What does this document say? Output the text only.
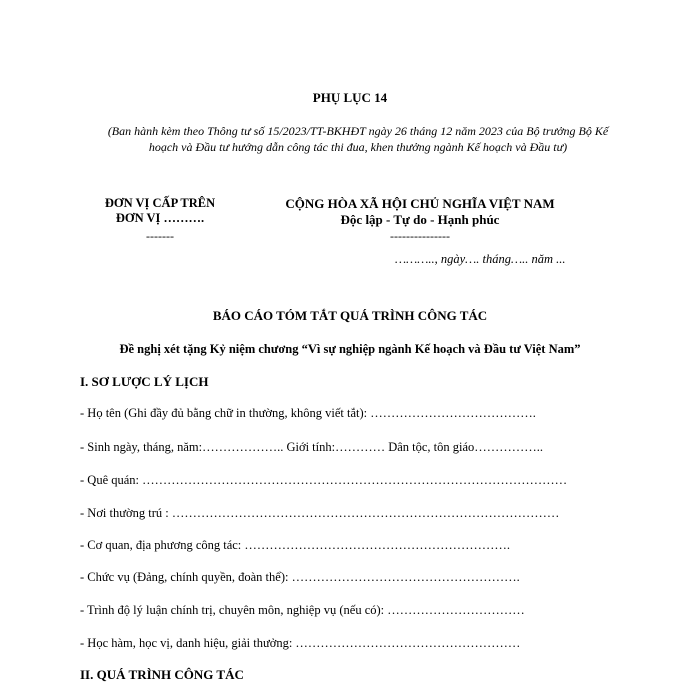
PHỤ LỤC 14
(Ban hành kèm theo Thông tư số 15/2023/TT-BKHĐT ngày 26 tháng 12 năm 2023 của Bộ trưởng Bộ Kế hoạch và Đầu tư hướng dẫn công tác thi đua, khen thưởng ngành Kế hoạch và Đầu tư)
ĐƠN VỊ CẤP TRÊN
ĐƠN VỊ ……….
-------
CỘNG HÒA XÃ HỘI CHỦ NGHĨA VIỆT NAM
Độc lập - Tự do - Hạnh phúc
---------------
……….., ngày…. tháng….. năm ...
BÁO CÁO TÓM TẮT QUÁ TRÌNH CÔNG TÁC
Đề nghị xét tặng Kỷ niệm chương “Vì sự nghiệp ngành Kế hoạch và Đầu tư Việt Nam”
I. SƠ LƯỢC LÝ LỊCH
- Họ tên (Ghi đầy đủ bằng chữ in thường, không viết tắt): ………………………………….
- Sinh ngày, tháng, năm:……………….. Giới tính:………… Dân tộc, tôn giáo……………..
- Quê quán: …………………………………………………………………………………………
- Nơi thường trú : …………………………………………………………………………………
- Cơ quan, địa phương công tác: ……………………………………………………….
- Chức vụ (Đảng, chính quyền, đoàn thể): ……………………………………………….
- Trình độ lý luận chính trị, chuyên môn, nghiệp vụ (nếu có): ……………………………
- Học hàm, học vị, danh hiệu, giải thưởng: ………………………………………………
II. QUÁ TRÌNH CÔNG TÁC
